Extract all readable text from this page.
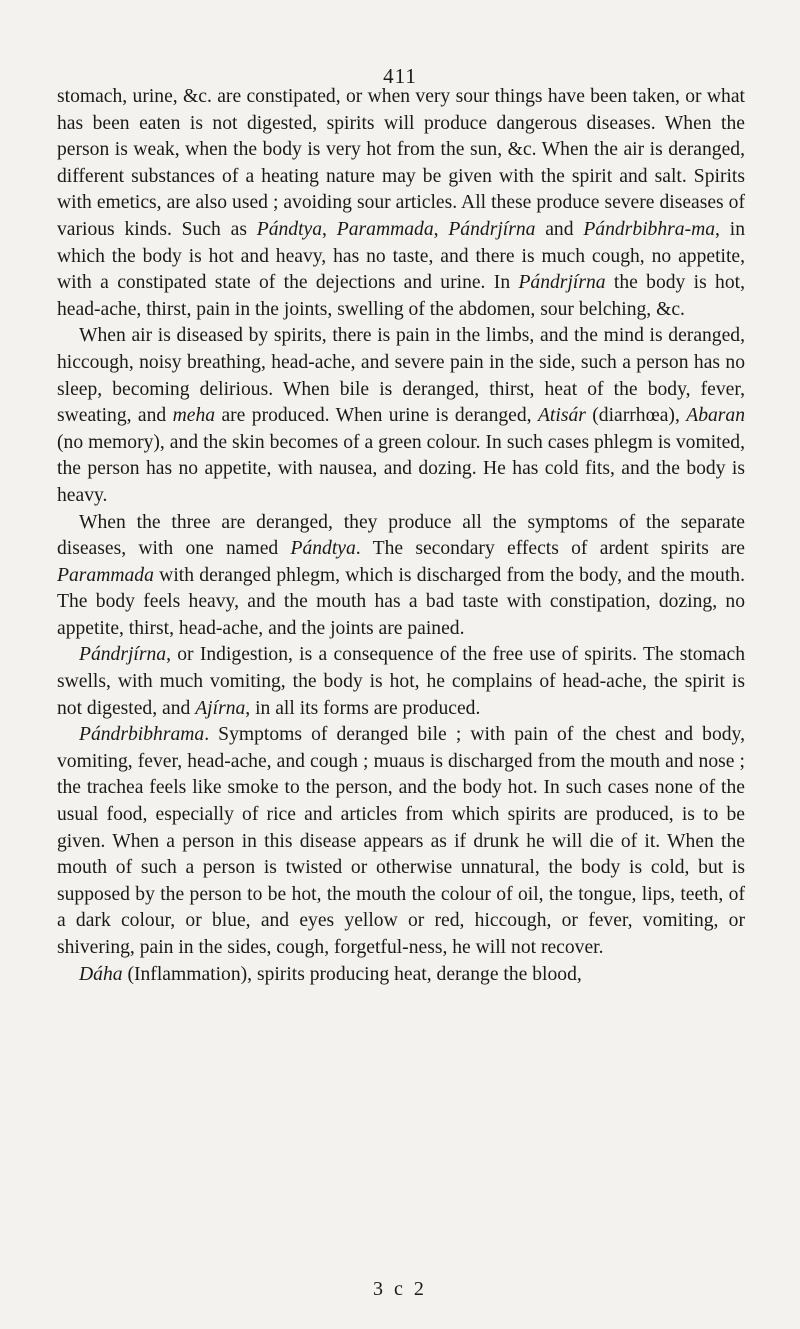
411

stomach, urine, &c. are constipated, or when very sour things have been taken, or what has been eaten is not digested, spirits will produce dangerous diseases. When the person is weak, when the body is very hot from the sun, &c. When the air is deranged, different substances of a heating nature may be given with the spirit and salt. Spirits with emetics, are also used ; avoiding sour articles. All these produce severe diseases of various kinds. Such as Pándtya, Parammada, Pándrjírna and Pándrbibhra-ma, in which the body is hot and heavy, has no taste, and there is much cough, no appetite, with a constipated state of the dejections and urine. In Pándrjírna the body is hot, head-ache, thirst, pain in the joints, swelling of the abdomen, sour belching, &c.

When air is diseased by spirits, there is pain in the limbs, and the mind is deranged, hiccough, noisy breathing, head-ache, and severe pain in the side, such a person has no sleep, becoming delirious. When bile is deranged, thirst, heat of the body, fever, sweating, and meha are produced. When urine is deranged, Atisár (diarrhœa), Abaran (no memory), and the skin becomes of a green colour. In such cases phlegm is vomited, the person has no appetite, with nausea, and dozing. He has cold fits, and the body is heavy.

When the three are deranged, they produce all the symptoms of the separate diseases, with one named Pándtya. The secondary effects of ardent spirits are Parammada with deranged phlegm, which is discharged from the body, and the mouth. The body feels heavy, and the mouth has a bad taste with constipation, dozing, no appetite, thirst, head-ache, and the joints are pained.

Pándrjírna, or Indigestion, is a consequence of the free use of spirits. The stomach swells, with much vomiting, the body is hot, he complains of head-ache, the spirit is not digested, and Ajírna, in all its forms are produced.

Pándrbibhrama. Symptoms of deranged bile ; with pain of the chest and body, vomiting, fever, head-ache, and cough ; muaus is discharged from the mouth and nose ; the trachea feels like smoke to the person, and the body hot. In such cases none of the usual food, especially of rice and articles from which spirits are produced, is to be given. When a person in this disease appears as if drunk he will die of it. When the mouth of such a person is twisted or otherwise unnatural, the body is cold, but is supposed by the person to be hot, the mouth the colour of oil, the tongue, lips, teeth, of a dark colour, or blue, and eyes yellow or red, hiccough, or fever, vomiting, or shivering, pain in the sides, cough, forgetful-ness, he will not recover.

Dáha (Inflammation), spirits producing heat, derange the blood,

3 c 2
